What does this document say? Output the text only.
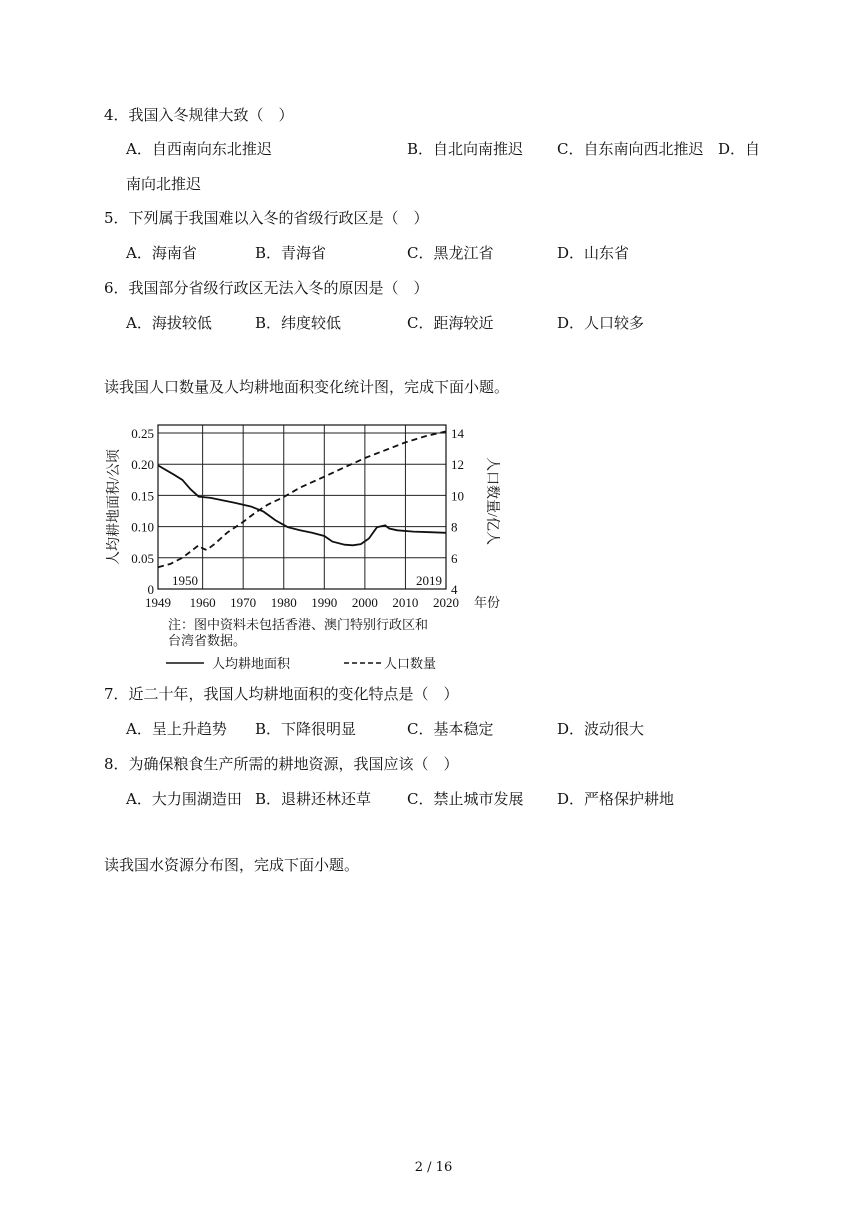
4．我国入冬规律大致（　）
A．自西南向东北推迟	B．自北向南推迟 C．自东南向西北推迟 D．自
南向北推迟
5．下列属于我国难以入冬的省级行政区是（　）
A．海南省	B．青海省	C．黑龙江省	D．山东省
6．我国部分省级行政区无法入冬的原因是（　）
A．海拔较低	B．纬度较低	C．距海较近	D．人口较多
读我国人口数量及人均耕地面积变化统计图，完成下面小题。
0
0.05
0.10
0.15
0.20
0.25
4
6
8
10
12
14
1949 1960 1970 1980 1990 2000 2010 2020 年份
人均耕地面积/公顷	人口数量/亿人
1950	2019
注：图中资料未包括香港、澳门特别行政区和
台湾省数据。
人均耕地面积	人口数量
7．近二十年，我国人均耕地面积的变化特点是（　）
A．呈上升趋势 B．下降很明显	C．基本稳定	D．波动很大
8．为确保粮食生产所需的耕地资源，我国应该（　）
A．大力围湖造田 B．退耕还林还草 C．禁止城市发展 D．严格保护耕地
读我国水资源分布图，完成下面小题。
2 / 16
